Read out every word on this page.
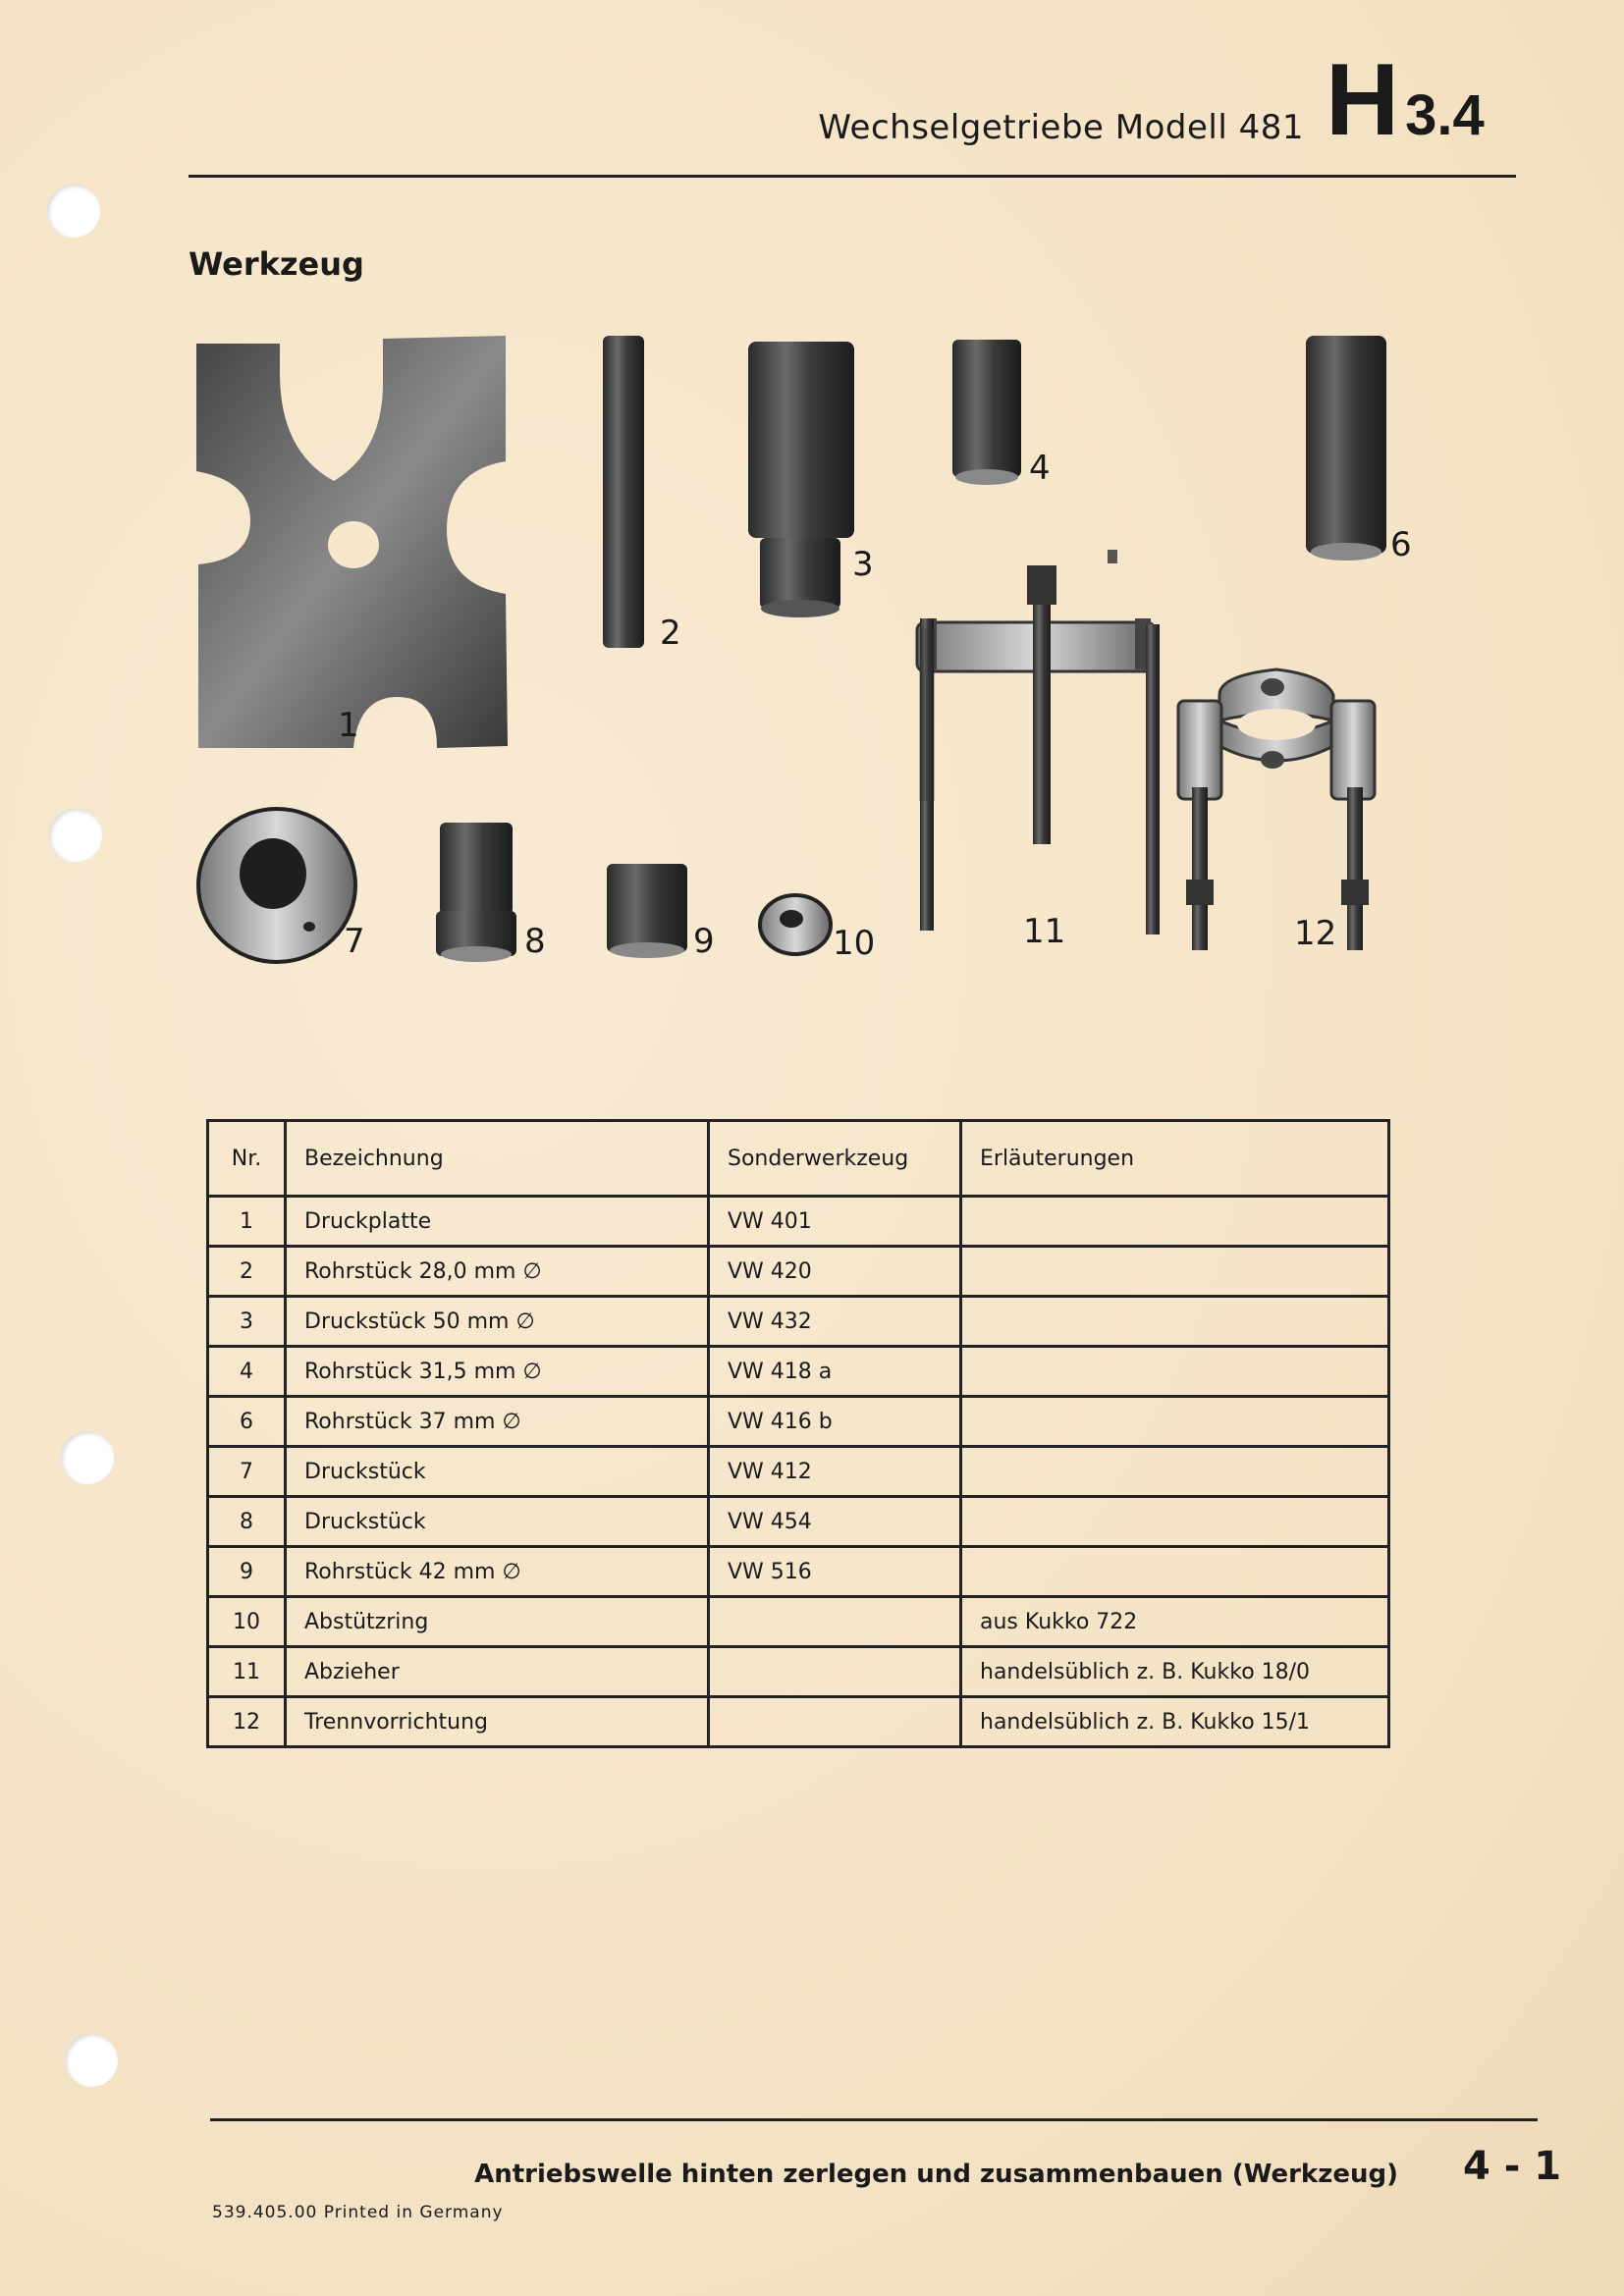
Wechselgetriebe Modell 481 H 3.4
Werkzeug
1
2
3
4
6
7	8	9	10	11	12
Nr.	Bezeichnung	Sonderwerkzeug	Erläuterungen
1	Druckplatte	VW 401	
2	Rohrstück 28,0 mm ∅	VW 420	
3	Druckstück 50 mm ∅	VW 432	
4	Rohrstück 31,5 mm ∅	VW 418 a	
6	Rohrstück 37 mm ∅	VW 416 b	
7	Druckstück	VW 412	
8	Druckstück	VW 454	
9	Rohrstück 42 mm ∅	VW 516	
10	Abstützring		aus Kukko 722
11	Abzieher		handelsüblich z. B. Kukko 18/0
12	Trennvorrichtung		handelsüblich z. B. Kukko 15/1
Antriebswelle hinten zerlegen und zusammenbauen (Werkzeug) 4 - 1
539.405.00 Printed in Germany
